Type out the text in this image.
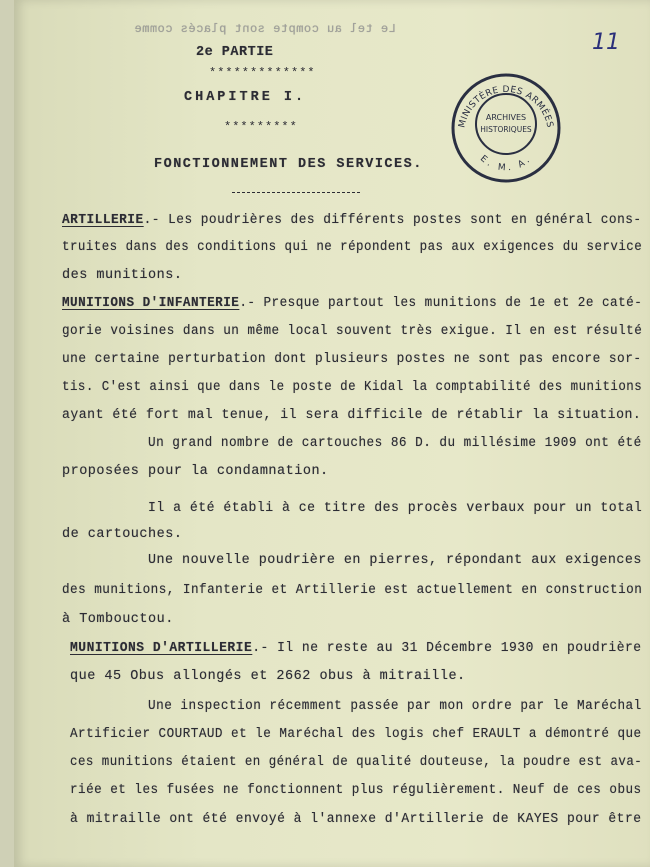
Le tel au compte sont placés comme
11
2e PARTIE
*************
CHAPITRE I.
*********
FONCTIONNEMENT DES SERVICES.
MINISTÈRE DES ARMÉES
ARCHIVES
HISTORIQUES
E. M. A.
ARTILLERIE.- Les poudrières des différents postes sont en général cons-
truites dans des conditions qui ne répondent pas aux exigences du service
des munitions.
MUNITIONS D'INFANTERIE.- Presque partout les munitions de 1e et 2e caté-
gorie voisines dans un même local souvent très exigue. Il en est résulté
une certaine perturbation dont plusieurs postes ne sont pas encore sor-
tis. C'est ainsi que dans le poste de Kidal la comptabilité des munitions
ayant été fort mal tenue, il sera difficile de rétablir la situation.
Un grand nombre de cartouches 86 D. du millésime 1909 ont été
proposées pour la condamnation.
Il a été établi à ce titre des procès verbaux pour un total
de cartouches.
Une nouvelle poudrière en pierres, répondant aux exigences
des munitions, Infanterie et Artillerie est actuellement en construction
à Tombouctou.
MUNITIONS D'ARTILLERIE.- Il ne reste au 31 Décembre 1930 en poudrière
que 45 Obus allongés et 2662 obus à mitraille.
Une inspection récemment passée par mon ordre par le Maréchal
Artificier COURTAUD et le Maréchal des logis chef ERAULT a démontré que
ces munitions étaient en général de qualité douteuse, la poudre est ava-
riée et les fusées ne fonctionnent plus régulièrement. Neuf de ces obus
à mitraille ont été envoyé à l'annexe d'Artillerie de KAYES pour être
